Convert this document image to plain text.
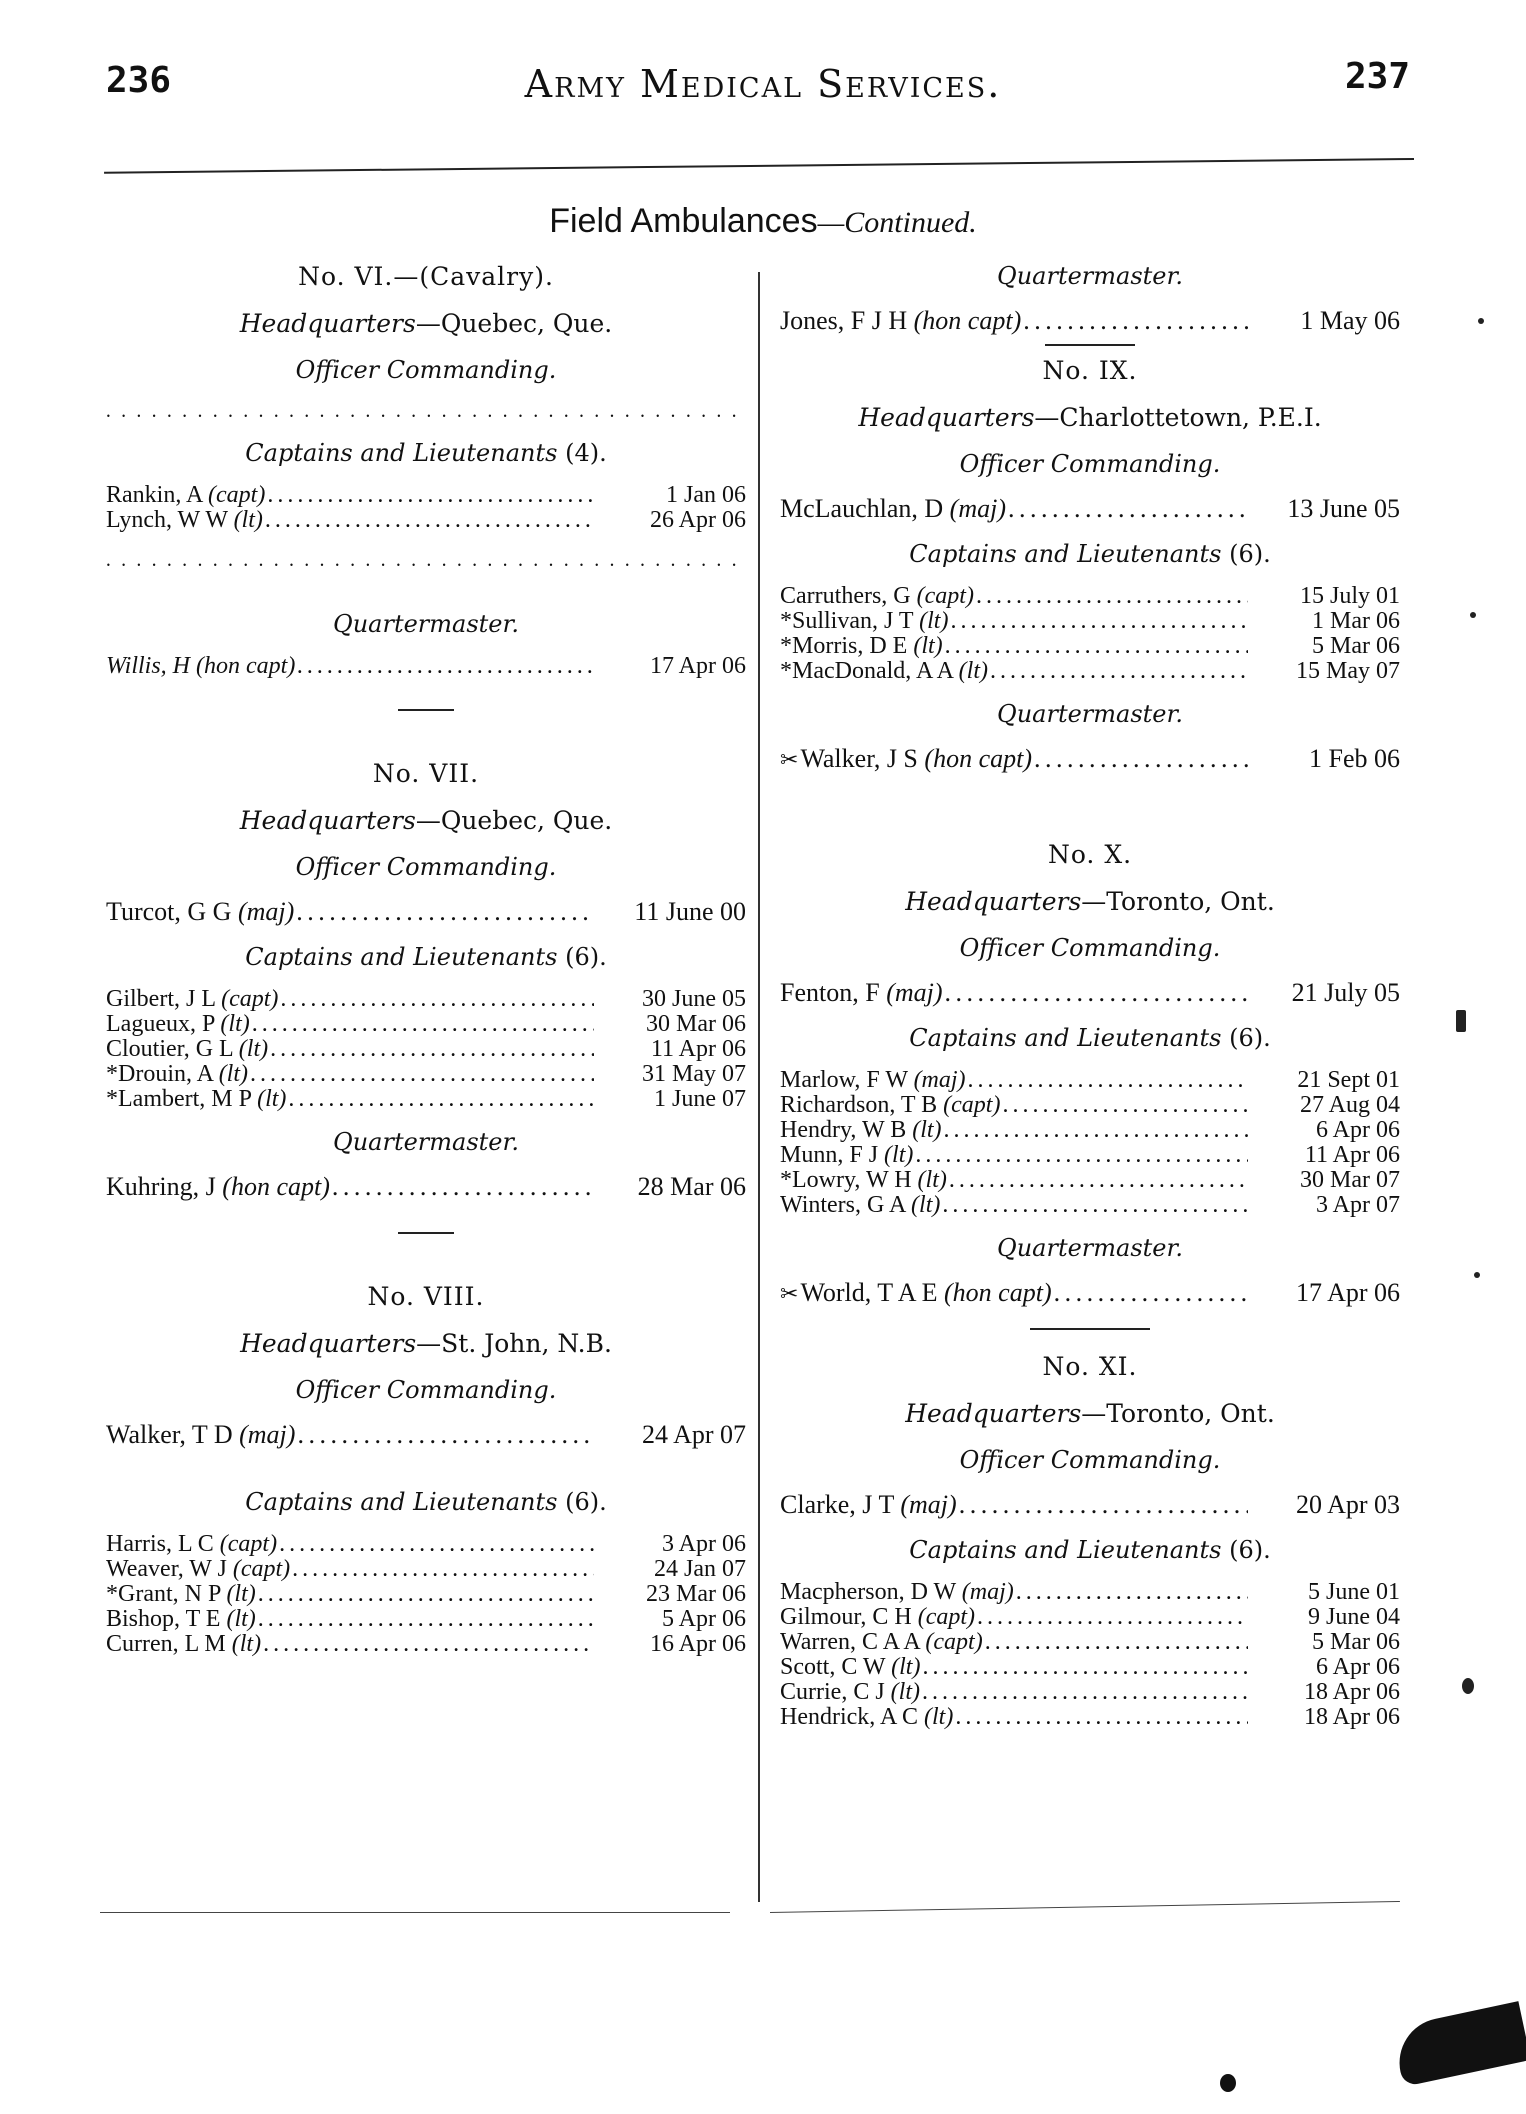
236	Army Medical Services.	237
Field Ambulances—Continued.
No. VI.—(Cavalry).
Headquarters—Quebec, Que.
Officer Commanding.
• • •
Captains and Lieutenants (4).
Rankin, A (capt) . . .	1 Jan 06
Lynch, W W (lt) . . .	26 Apr 06
• • •
Quartermaster.
Willis, H (hon capt) . . .	17 Apr 06
No. VII.
Headquarters—Quebec, Que.
Officer Commanding.
Turcot, G G (maj) . . .	11 June 00
Captains and Lieutenants (6).
Gilbert, J L (capt) . . .	30 June 05
Lagueux, P (lt) . . .	30 Mar 06
Cloutier, G L (lt) . . .	11 Apr 06
*Drouin, A (lt) . . .	31 May 07
*Lambert, M P (lt) . . .	1 June 07
Quartermaster.
Kuhring, J (hon capt) . . .	28 Mar 06
No. VIII.
Headquarters—St. John, N.B.
Officer Commanding.
Walker, T D (maj) . . .	24 Apr 07
Captains and Lieutenants (6).
Harris, L C (capt) . . .	3 Apr 06
Weaver, W J (capt) . . .	24 Jan 07
*Grant, N P (lt) . . .	23 Mar 06
Bishop, T E (lt) . . .	5 Apr 06
Curren, L M (lt) . . .	16 Apr 06
Quartermaster.
Jones, F J H (hon capt) . . .	1 May 06
No. IX.
Headquarters—Charlottetown, P.E.I.
Officer Commanding.
McLauchlan, D (maj) . . .	13 June 05
Captains and Lieutenants (6).
Carruthers, G (capt) . . .	15 July 01
*Sullivan, J T (lt) . . .	1 Mar 06
*Morris, D E (lt) . . .	5 Mar 06
*MacDonald, A A (lt) . . .	15 May 07
Quartermaster.
✂Walker, J S (hon capt) . . .	1 Feb 06
No. X.
Headquarters—Toronto, Ont.
Officer Commanding.
Fenton, F (maj) . . .	21 July 05
Captains and Lieutenants (6).
Marlow, F W (maj) . . .	21 Sept 01
Richardson, T B (capt) . . .	27 Aug 04
Hendry, W B (lt) . . .	6 Apr 06
Munn, F J (lt) . . .	11 Apr 06
*Lowry, W H (lt) . . .	30 Mar 07
Winters, G A (lt) . . .	3 Apr 07
Quartermaster.
✂World, T A E (hon capt) . . .	17 Apr 06
No. XI.
Headquarters—Toronto, Ont.
Officer Commanding.
Clarke, J T (maj) . . .	20 Apr 03
Captains and Lieutenants (6).
Macpherson, D W (maj) . . .	5 June 01
Gilmour, C H (capt) . . .	9 June 04
Warren, C A A (capt) . . .	5 Mar 06
Scott, C W (lt) . . .	6 Apr 06
Currie, C J (lt) . . .	18 Apr 06
Hendrick, A C (lt) . . .	18 Apr 06
